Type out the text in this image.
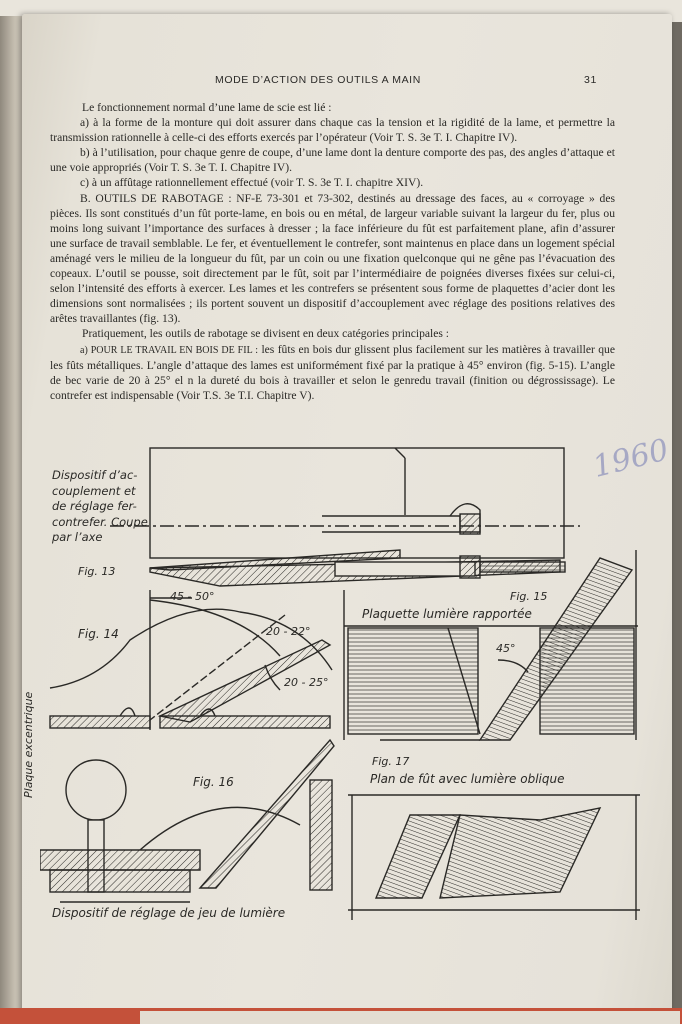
MODE D’ACTION DES OUTILS A MAIN	31

Le fonctionnement normal d’une lame de scie est lié :

a) à la forme de la monture qui doit assurer dans chaque cas la tension et la rigidité de la lame, et permettre la transmission rationnelle à celle-ci des efforts exercés par l’opérateur (Voir T. S. 3e T. I. Chapitre IV).

b) à l’utilisation, pour chaque genre de coupe, d’une lame dont la denture comporte des pas, des angles d’attaque et une voie appropriés (Voir T. S. 3e T. I. Chapitre IV).

c) à un affûtage rationnellement effectué (voir T. S. 3e T. I. chapitre XIV).

B. OUTILS DE RABOTAGE : NF-E 73-301 et 73-302, destinés au dressage des faces, au « corroyage » des pièces. Ils sont constitués d’un fût porte-lame, en bois ou en métal, de largeur variable suivant la largeur du fer, plus ou moins long suivant l’importance des surfaces à dresser ; la face inférieure du fût est parfaitement plane, afin d’assurer une surface de travail semblable. Le fer, et éventuellement le contrefer, sont maintenus en place dans un logement spécial aménagé vers le milieu de la longueur du fût, par un coin ou une fixation quelconque qui ne gêne pas l’évacuation des copeaux. L’outil se pousse, soit directement par le fût, soit par l’intermédiaire de poignées diverses fixées sur celui-ci, selon l’intensité des efforts à exercer. Les lames et les contrefers se présentent sous forme de plaquettes d’acier dont les dimensions sont normalisées ; ils portent souvent un dispositif d’accouplement avec réglage des positions relatives des arêtes travaillantes (fig. 13).

Pratiquement, les outils de rabotage se divisent en deux catégories principales :

a) POUR LE TRAVAIL EN BOIS DE FIL : les fûts en bois dur glissent plus facilement sur les matières à travailler que les fûts métalliques. L’angle d’attaque des lames est uniformément fixé par la pratique à 45° environ (fig. 5-15). L’angle de bec varie de 20 à 25° el n la dureté du bois à travailler et selon le genredu travail (finition ou dégrossissage). Le contrefer est indispensable (Voir T.S. 3e T.I. Chapitre V).

1960
Dispositif d’ac- couplement et de réglage fer- contrefer. Coupe par l’axe
Fig. 13
Fig. 14
Fig. 15
Fig. 16
Fig. 17
45 - 50°
20 - 22°
20 - 25°
45°
Plaquette lumière rapportée
Plan de fût avec lumière oblique
Plaque excentrique
Dispositif de réglage de jeu de lumière
